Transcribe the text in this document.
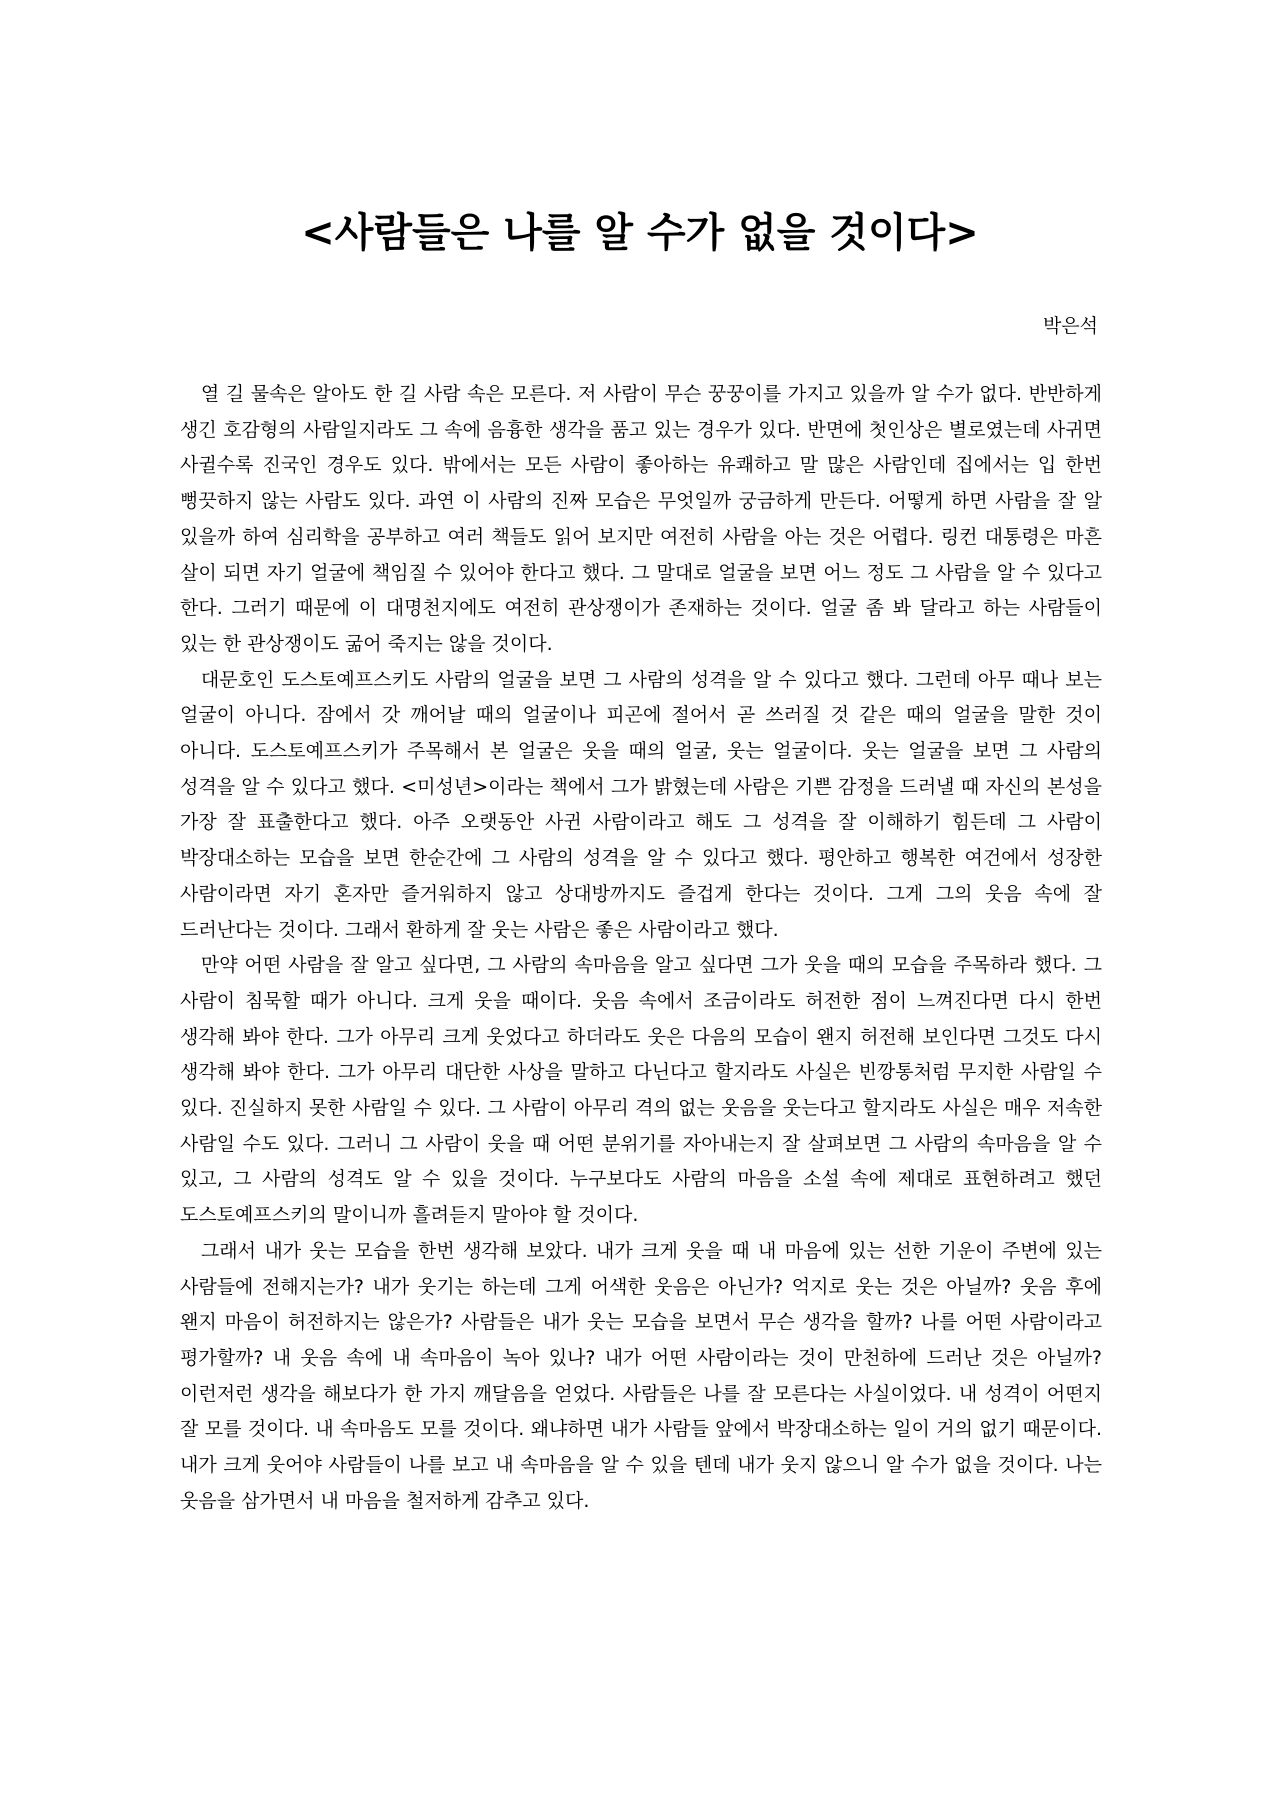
<사람들은 나를 알 수가 없을 것이다>
박은석

열 길 물속은 알아도 한 길 사람 속은 모른다. 저 사람이 무슨 꿍꿍이를 가지고 있을까 알 수가 없다. 반반하게 생긴 호감형의 사람일지라도 그 속에 음흉한 생각을 품고 있는 경우가 있다. 반면에 첫인상은 별로였는데 사귀면 사귈수록 진국인 경우도 있다. 밖에서는 모든 사람이 좋아하는 유쾌하고 말 많은 사람인데 집에서는 입 한번 뻥끗하지 않는 사람도 있다. 과연 이 사람의 진짜 모습은 무엇일까 궁금하게 만든다. 어떻게 하면 사람을 잘 알 있을까 하여 심리학을 공부하고 여러 책들도 읽어 보지만 여전히 사람을 아는 것은 어렵다. 링컨 대통령은 마흔 살이 되면 자기 얼굴에 책임질 수 있어야 한다고 했다. 그 말대로 얼굴을 보면 어느 정도 그 사람을 알 수 있다고 한다. 그러기 때문에 이 대명천지에도 여전히 관상쟁이가 존재하는 것이다. 얼굴 좀 봐 달라고 하는 사람들이 있는 한 관상쟁이도 굶어 죽지는 않을 것이다.

대문호인 도스토예프스키도 사람의 얼굴을 보면 그 사람의 성격을 알 수 있다고 했다. 그런데 아무 때나 보는 얼굴이 아니다. 잠에서 갓 깨어날 때의 얼굴이나 피곤에 절어서 곧 쓰러질 것 같은 때의 얼굴을 말한 것이 아니다. 도스토예프스키가 주목해서 본 얼굴은 웃을 때의 얼굴, 웃는 얼굴이다. 웃는 얼굴을 보면 그 사람의 성격을 알 수 있다고 했다. <미성년>이라는 책에서 그가 밝혔는데 사람은 기쁜 감정을 드러낼 때 자신의 본성을 가장 잘 표출한다고 했다. 아주 오랫동안 사귄 사람이라고 해도 그 성격을 잘 이해하기 힘든데 그 사람이 박장대소하는 모습을 보면 한순간에 그 사람의 성격을 알 수 있다고 했다. 평안하고 행복한 여건에서 성장한 사람이라면 자기 혼자만 즐거워하지 않고 상대방까지도 즐겁게 한다는 것이다. 그게 그의 웃음 속에 잘 드러난다는 것이다. 그래서 환하게 잘 웃는 사람은 좋은 사람이라고 했다.

만약 어떤 사람을 잘 알고 싶다면, 그 사람의 속마음을 알고 싶다면 그가 웃을 때의 모습을 주목하라 했다. 그 사람이 침묵할 때가 아니다. 크게 웃을 때이다. 웃음 속에서 조금이라도 허전한 점이 느껴진다면 다시 한번 생각해 봐야 한다. 그가 아무리 크게 웃었다고 하더라도 웃은 다음의 모습이 왠지 허전해 보인다면 그것도 다시 생각해 봐야 한다. 그가 아무리 대단한 사상을 말하고 다닌다고 할지라도 사실은 빈깡통처럼 무지한 사람일 수 있다. 진실하지 못한 사람일 수 있다. 그 사람이 아무리 격의 없는 웃음을 웃는다고 할지라도 사실은 매우 저속한 사람일 수도 있다. 그러니 그 사람이 웃을 때 어떤 분위기를 자아내는지 잘 살펴보면 그 사람의 속마음을 알 수 있고, 그 사람의 성격도 알 수 있을 것이다. 누구보다도 사람의 마음을 소설 속에 제대로 표현하려고 했던 도스토예프스키의 말이니까 흘려듣지 말아야 할 것이다.

그래서 내가 웃는 모습을 한번 생각해 보았다. 내가 크게 웃을 때 내 마음에 있는 선한 기운이 주변에 있는 사람들에 전해지는가? 내가 웃기는 하는데 그게 어색한 웃음은 아닌가? 억지로 웃는 것은 아닐까? 웃음 후에 왠지 마음이 허전하지는 않은가? 사람들은 내가 웃는 모습을 보면서 무슨 생각을 할까? 나를 어떤 사람이라고 평가할까? 내 웃음 속에 내 속마음이 녹아 있나? 내가 어떤 사람이라는 것이 만천하에 드러난 것은 아닐까? 이런저런 생각을 해보다가 한 가지 깨달음을 얻었다. 사람들은 나를 잘 모른다는 사실이었다. 내 성격이 어떤지 잘 모를 것이다. 내 속마음도 모를 것이다. 왜냐하면 내가 사람들 앞에서 박장대소하는 일이 거의 없기 때문이다. 내가 크게 웃어야 사람들이 나를 보고 내 속마음을 알 수 있을 텐데 내가 웃지 않으니 알 수가 없을 것이다. 나는 웃음을 삼가면서 내 마음을 철저하게 감추고 있다.
